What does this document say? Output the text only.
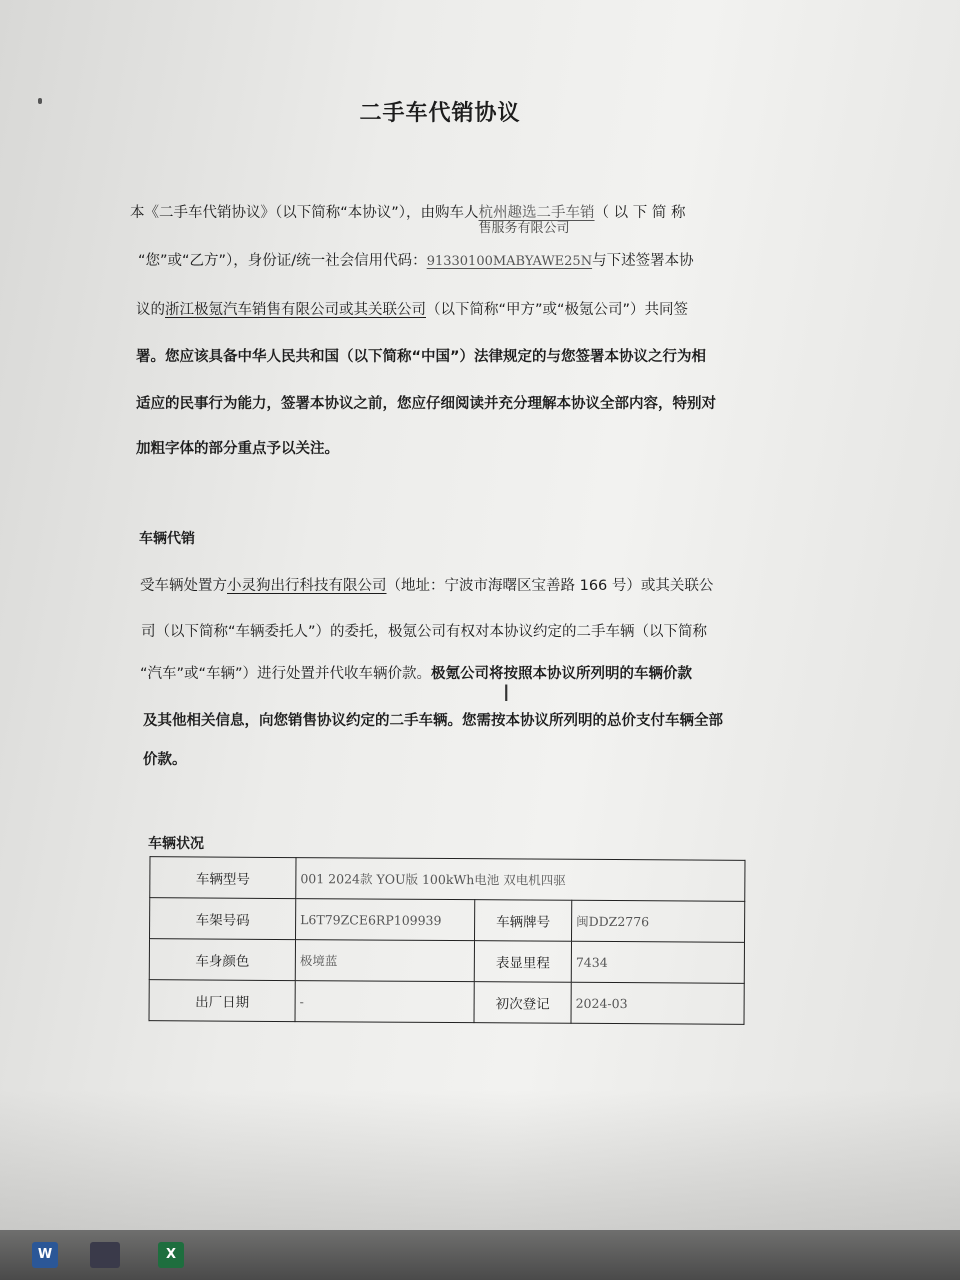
二手车代销协议
本《二手车代销协议》（以下简称“本协议”），由购车人杭州趣选二手车销
售服务有限公司
（ 以 下 简 称
“您”或“乙方”），身份证/统一社会信用代码：91330100MABYAWE25N与下述签署本协
议的浙江极氪汽车销售有限公司或其关联公司（以下简称“甲方”或“极氪公司”）共同签
署。您应该具备中华人民共和国（以下简称“中国”）法律规定的与您签署本协议之行为相
适应的民事行为能力，签署本协议之前，您应仔细阅读并充分理解本协议全部内容，特别对
加粗字体的部分重点予以关注。
车辆代销
受车辆处置方小灵狗出行科技有限公司（地址：宁波市海曙区宝善路 166 号）或其关联公
司（以下简称“车辆委托人”）的委托，极氪公司有权对本协议约定的二手车辆（以下简称
“汽车”或“车辆”）进行处置并代收车辆价款。极氪公司将按照本协议所列明的车辆价款
及其他相关信息，向您销售协议约定的二手车辆。您需按本协议所列明的总价支付车辆全部
价款。
I
车辆状况
车辆型号	001 2024款 YOU版 100kWh电池 双电机四驱		
车架号码	L6T79ZCE6RP109939	车辆牌号	闽DDZ2776
车身颜色	极境蓝	表显里程	7434
出厂日期	-	初次登记	2024-03
W	X
